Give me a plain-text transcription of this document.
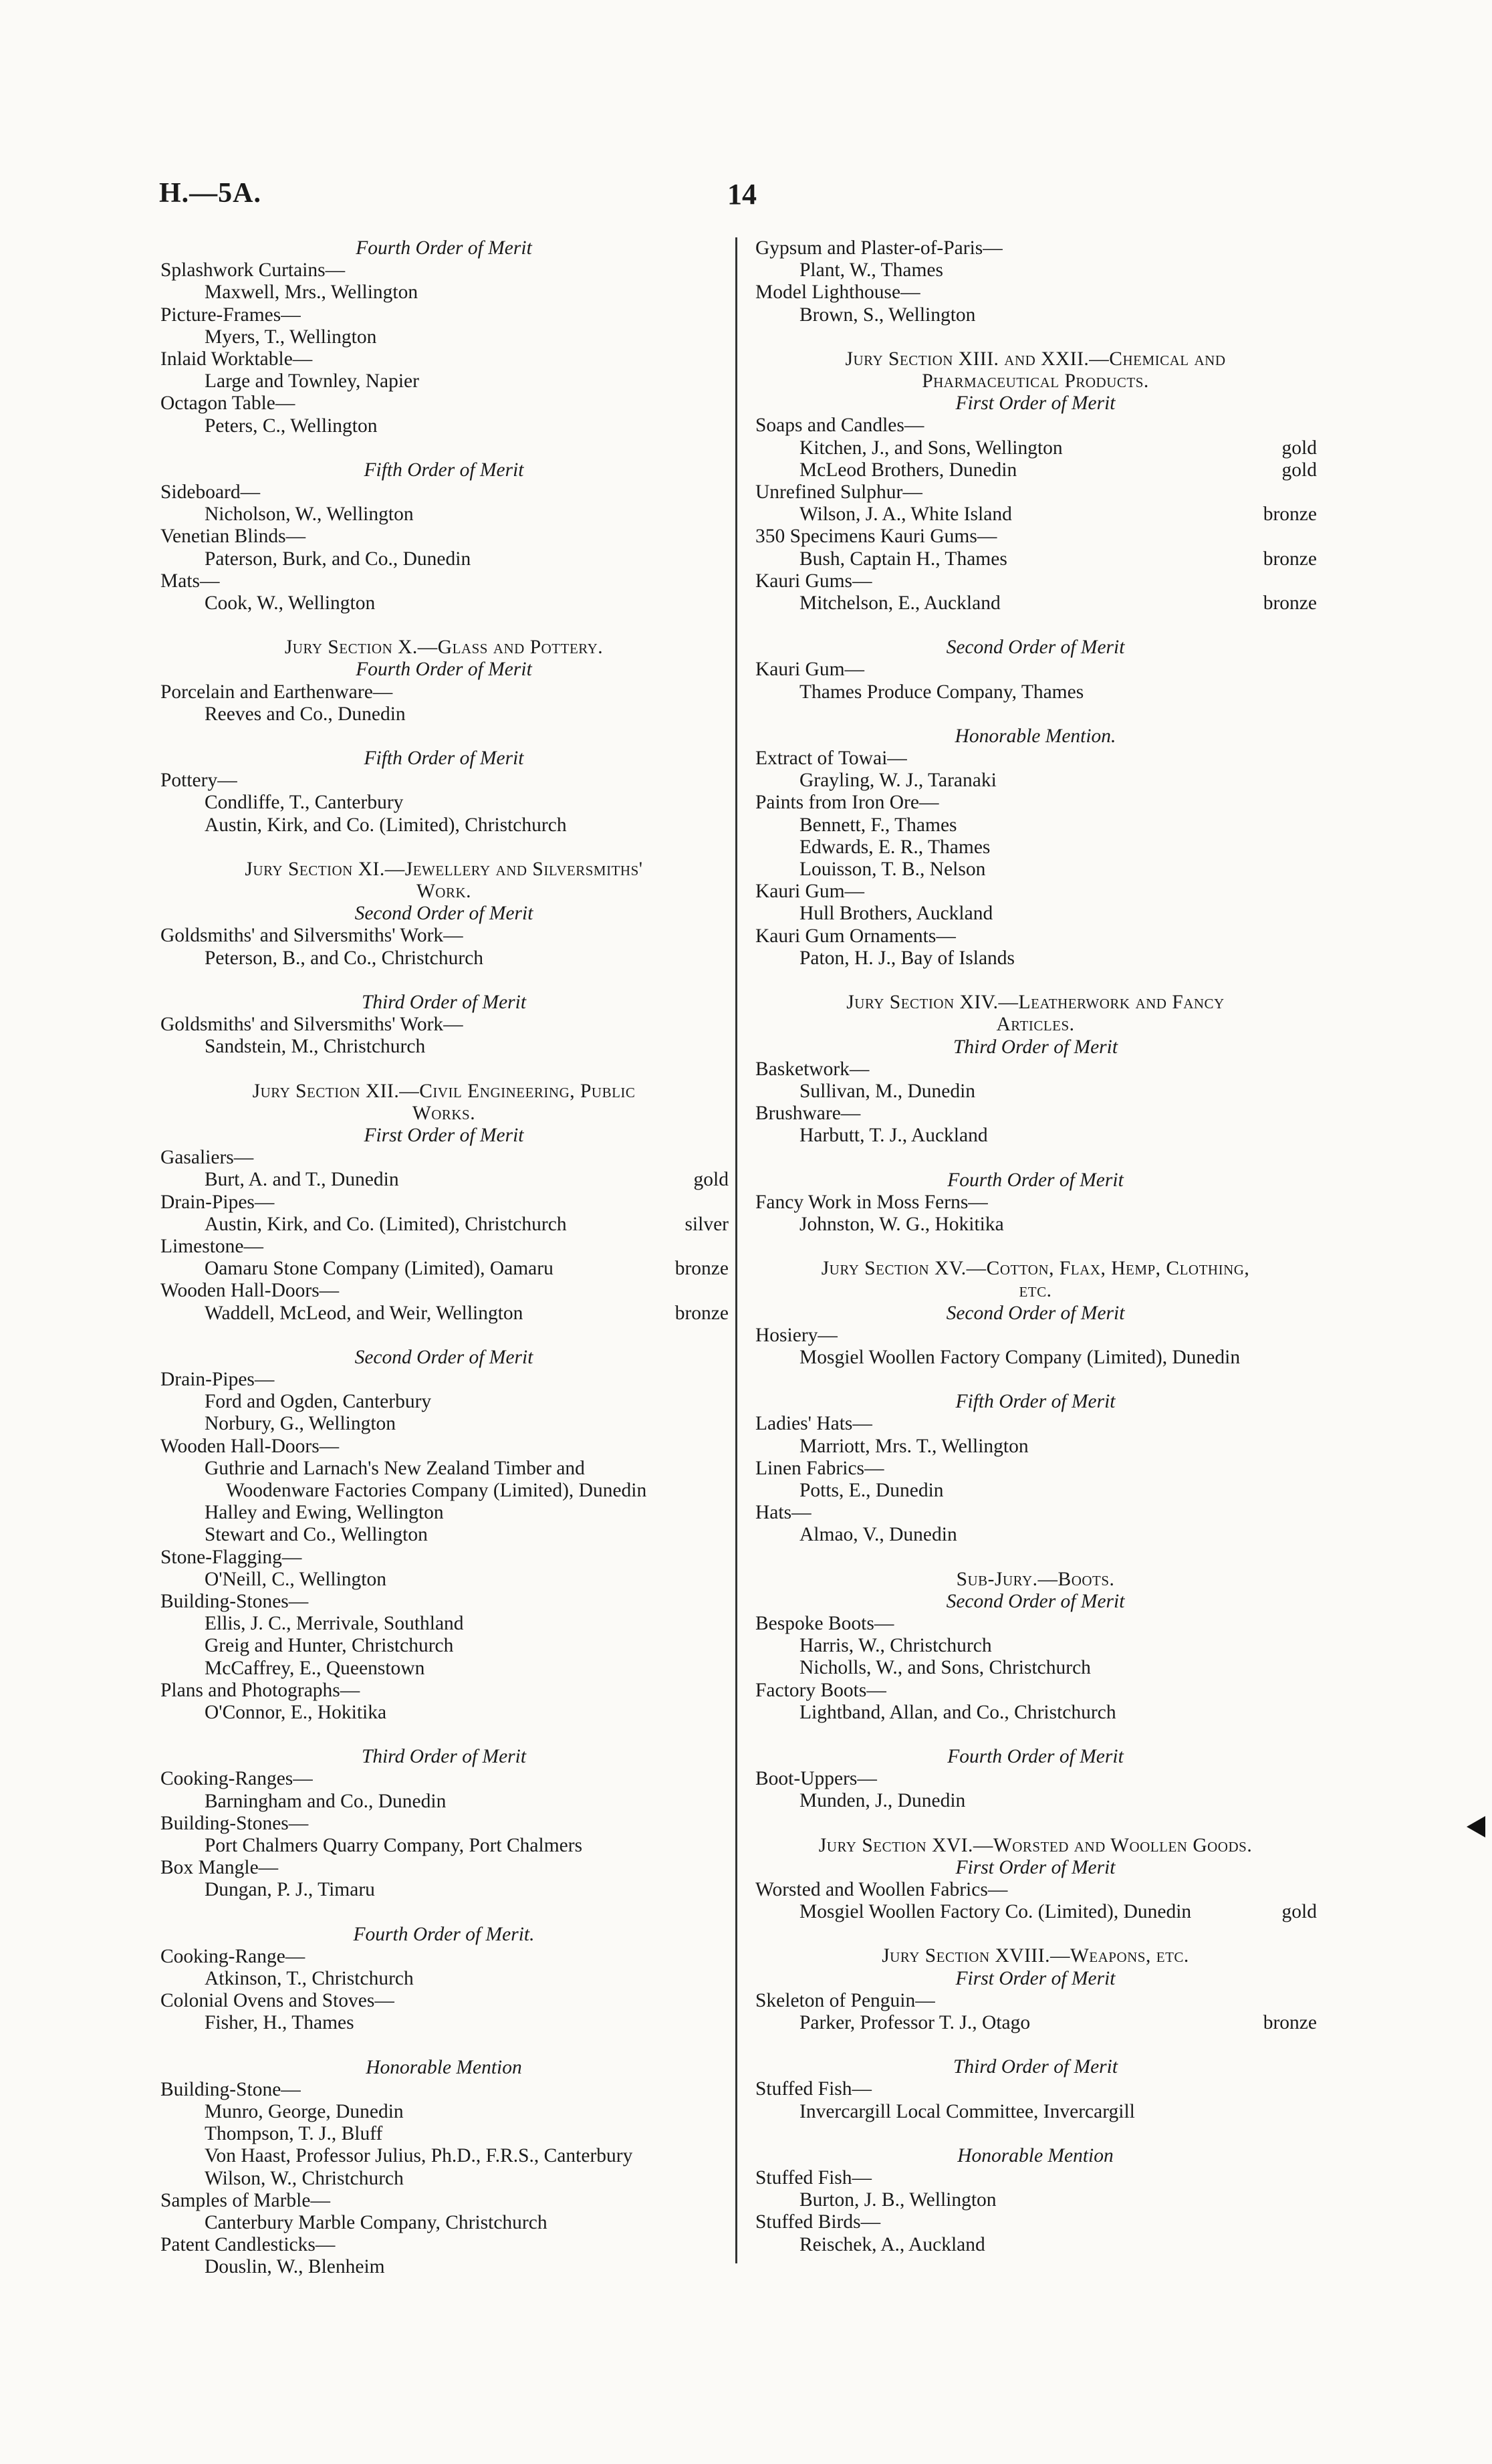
H.—5A.	14
Fourth Order of Merit
Splashwork Curtains—
Maxwell, Mrs., Wellington
Picture-Frames—
Myers, T., Wellington
Inlaid Worktable—
Large and Townley, Napier
Octagon Table—
Peters, C., Wellington
Fifth Order of Merit
Sideboard—
Nicholson, W., Wellington
Venetian Blinds—
Paterson, Burk, and Co., Dunedin
Mats—
Cook, W., Wellington
Jury Section X.—Glass and Pottery.
Fourth Order of Merit
Porcelain and Earthenware—
Reeves and Co., Dunedin
Fifth Order of Merit
Pottery—
Condliffe, T., Canterbury
Austin, Kirk, and Co. (Limited), Christchurch
Jury Section XI.—Jewellery and Silversmiths'
Work.
Second Order of Merit
Goldsmiths' and Silversmiths' Work—
Peterson, B., and Co., Christchurch
Third Order of Merit
Goldsmiths' and Silversmiths' Work—
Sandstein, M., Christchurch
Jury Section XII.—Civil Engineering, Public
Works.
First Order of Merit
Gasaliers—
Burt, A. and T., Dunedin	gold
Drain-Pipes—
Austin, Kirk, and Co. (Limited), Christchurch	silver
Limestone—
Oamaru Stone Company (Limited), Oamaru	bronze
Wooden Hall-Doors—
Waddell, McLeod, and Weir, Wellington	bronze
Second Order of Merit
Drain-Pipes—
Ford and Ogden, Canterbury
Norbury, G., Wellington
Wooden Hall-Doors—
Guthrie and Larnach's New Zealand Timber and
Woodenware Factories Company (Limited), Dunedin
Halley and Ewing, Wellington
Stewart and Co., Wellington
Stone-Flagging—
O'Neill, C., Wellington
Building-Stones—
Ellis, J. C., Merrivale, Southland
Greig and Hunter, Christchurch
McCaffrey, E., Queenstown
Plans and Photographs—
O'Connor, E., Hokitika
Third Order of Merit
Cooking-Ranges—
Barningham and Co., Dunedin
Building-Stones—
Port Chalmers Quarry Company, Port Chalmers
Box Mangle—
Dungan, P. J., Timaru
Fourth Order of Merit.
Cooking-Range—
Atkinson, T., Christchurch
Colonial Ovens and Stoves—
Fisher, H., Thames
Honorable Mention
Building-Stone—
Munro, George, Dunedin
Thompson, T. J., Bluff
Von Haast, Professor Julius, Ph.D., F.R.S., Canterbury
Wilson, W., Christchurch
Samples of Marble—
Canterbury Marble Company, Christchurch
Patent Candlesticks—
Douslin, W., Blenheim
Gypsum and Plaster-of-Paris—
Plant, W., Thames
Model Lighthouse—
Brown, S., Wellington
Jury Section XIII. and XXII.—Chemical and
Pharmaceutical Products.
First Order of Merit
Soaps and Candles—
Kitchen, J., and Sons, Wellington	gold
McLeod Brothers, Dunedin	gold
Unrefined Sulphur—
Wilson, J. A., White Island	bronze
350 Specimens Kauri Gums—
Bush, Captain H., Thames	bronze
Kauri Gums—
Mitchelson, E., Auckland	bronze
Second Order of Merit
Kauri Gum—
Thames Produce Company, Thames
Honorable Mention.
Extract of Towai—
Grayling, W. J., Taranaki
Paints from Iron Ore—
Bennett, F., Thames
Edwards, E. R., Thames
Louisson, T. B., Nelson
Kauri Gum—
Hull Brothers, Auckland
Kauri Gum Ornaments—
Paton, H. J., Bay of Islands
Jury Section XIV.—Leatherwork and Fancy
Articles.
Third Order of Merit
Basketwork—
Sullivan, M., Dunedin
Brushware—
Harbutt, T. J., Auckland
Fourth Order of Merit
Fancy Work in Moss Ferns—
Johnston, W. G., Hokitika
Jury Section XV.—Cotton, Flax, Hemp, Clothing,
etc.
Second Order of Merit
Hosiery—
Mosgiel Woollen Factory Company (Limited), Dunedin
Fifth Order of Merit
Ladies' Hats—
Marriott, Mrs. T., Wellington
Linen Fabrics—
Potts, E., Dunedin
Hats—
Almao, V., Dunedin
Sub-Jury.—Boots.
Second Order of Merit
Bespoke Boots—
Harris, W., Christchurch
Nicholls, W., and Sons, Christchurch
Factory Boots—
Lightband, Allan, and Co., Christchurch
Fourth Order of Merit
Boot-Uppers—
Munden, J., Dunedin
Jury Section XVI.—Worsted and Woollen Goods.
First Order of Merit
Worsted and Woollen Fabrics—
Mosgiel Woollen Factory Co. (Limited), Dunedin	gold
Jury Section XVIII.—Weapons, etc.
First Order of Merit
Skeleton of Penguin—
Parker, Professor T. J., Otago	bronze
Third Order of Merit
Stuffed Fish—
Invercargill Local Committee, Invercargill
Honorable Mention
Stuffed Fish—
Burton, J. B., Wellington
Stuffed Birds—
Reischek, A., Auckland
